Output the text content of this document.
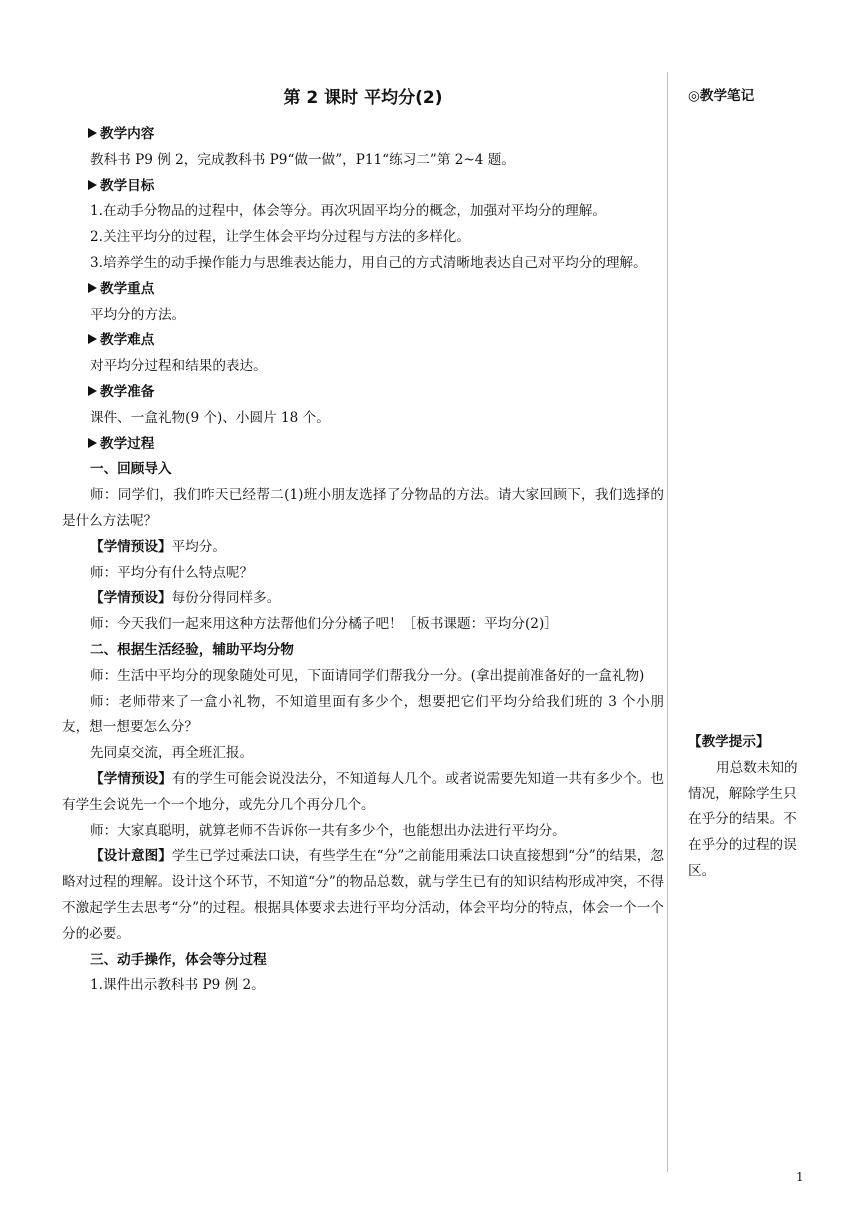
第 2 课时 平均分(2)

教学内容

教科书 P9 例 2，完成教科书 P9“做一做”，P11“练习二”第 2~4 题。

教学目标

1.在动手分物品的过程中，体会等分。再次巩固平均分的概念，加强对平均分的理解。

2.关注平均分的过程，让学生体会平均分过程与方法的多样化。

3.培养学生的动手操作能力与思维表达能力，用自己的方式清晰地表达自己对平均分的理解。

教学重点

平均分的方法。

教学难点

对平均分过程和结果的表达。

教学准备

课件、一盒礼物(9 个)、小圆片 18 个。

教学过程

一、回顾导入

师：同学们，我们昨天已经帮二(1)班小朋友选择了分物品的方法。请大家回顾下，我们选择的是什么方法呢？

【学情预设】平均分。

师：平均分有什么特点呢？

【学情预设】每份分得同样多。

师：今天我们一起来用这种方法帮他们分分橘子吧！［板书课题：平均分(2)］

二、根据生活经验，辅助平均分物

师：生活中平均分的现象随处可见，下面请同学们帮我分一分。(拿出提前准备好的一盒礼物)

师：老师带来了一盒小礼物，不知道里面有多少个，想要把它们平均分给我们班的 3 个小朋友，想一想要怎么分？

先同桌交流，再全班汇报。

【学情预设】有的学生可能会说没法分，不知道每人几个。或者说需要先知道一共有多少个。也有学生会说先一个一个地分，或先分几个再分几个。

师：大家真聪明，就算老师不告诉你一共有多少个，也能想出办法进行平均分。

【设计意图】学生已学过乘法口诀，有些学生在“分”之前能用乘法口诀直接想到“分”的结果，忽略对过程的理解。设计这个环节，不知道“分”的物品总数，就与学生已有的知识结构形成冲突，不得不激起学生去思考“分”的过程。根据具体要求去进行平均分活动，体会平均分的特点，体会一个一个分的必要。

三、动手操作，体会等分过程

1.课件出示教科书 P9 例 2。

◎教学笔记

【教学提示】

用总数未知的情况，解除学生只在乎分的结果。不在乎分的过程的误区。

1
